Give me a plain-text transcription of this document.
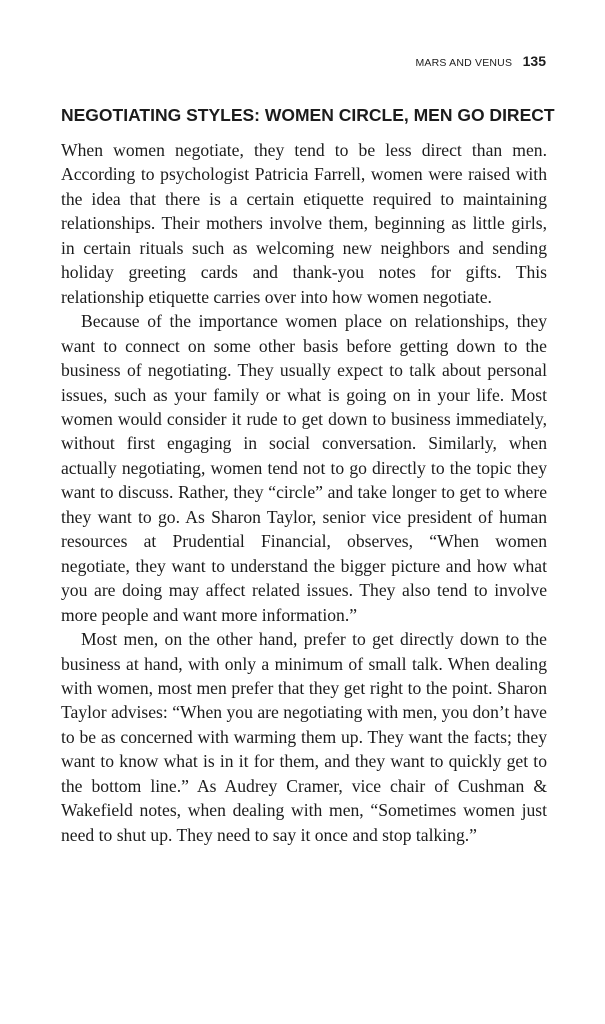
MARS AND VENUS 135
NEGOTIATING STYLES: WOMEN CIRCLE, MEN GO DIRECT

When women negotiate, they tend to be less direct than men. According to psychologist Patricia Farrell, women were raised with the idea that there is a certain etiquette required to maintaining relationships. Their mothers involve them, beginning as little girls, in certain rituals such as welcoming new neighbors and sending holiday greeting cards and thank-you notes for gifts. This relationship etiquette carries over into how women negotiate.

Because of the importance women place on relationships, they want to connect on some other basis before getting down to the business of negotiating. They usually expect to talk about personal issues, such as your family or what is going on in your life. Most women would consider it rude to get down to business immediately, without first engaging in social conversation. Similarly, when actually negotiating, women tend not to go directly to the topic they want to discuss. Rather, they “circle” and take longer to get to where they want to go. As Sharon Taylor, senior vice president of human resources at Prudential Financial, observes, “When women negotiate, they want to understand the bigger picture and how what you are doing may affect related issues. They also tend to involve more people and want more information.”

Most men, on the other hand, prefer to get directly down to the business at hand, with only a minimum of small talk. When dealing with women, most men prefer that they get right to the point. Sharon Taylor advises: “When you are negotiating with men, you don’t have to be as concerned with warming them up. They want the facts; they want to know what is in it for them, and they want to quickly get to the bottom line.” As Audrey Cramer, vice chair of Cushman & Wakefield notes, when dealing with men, “Sometimes women just need to shut up. They need to say it once and stop talking.”
